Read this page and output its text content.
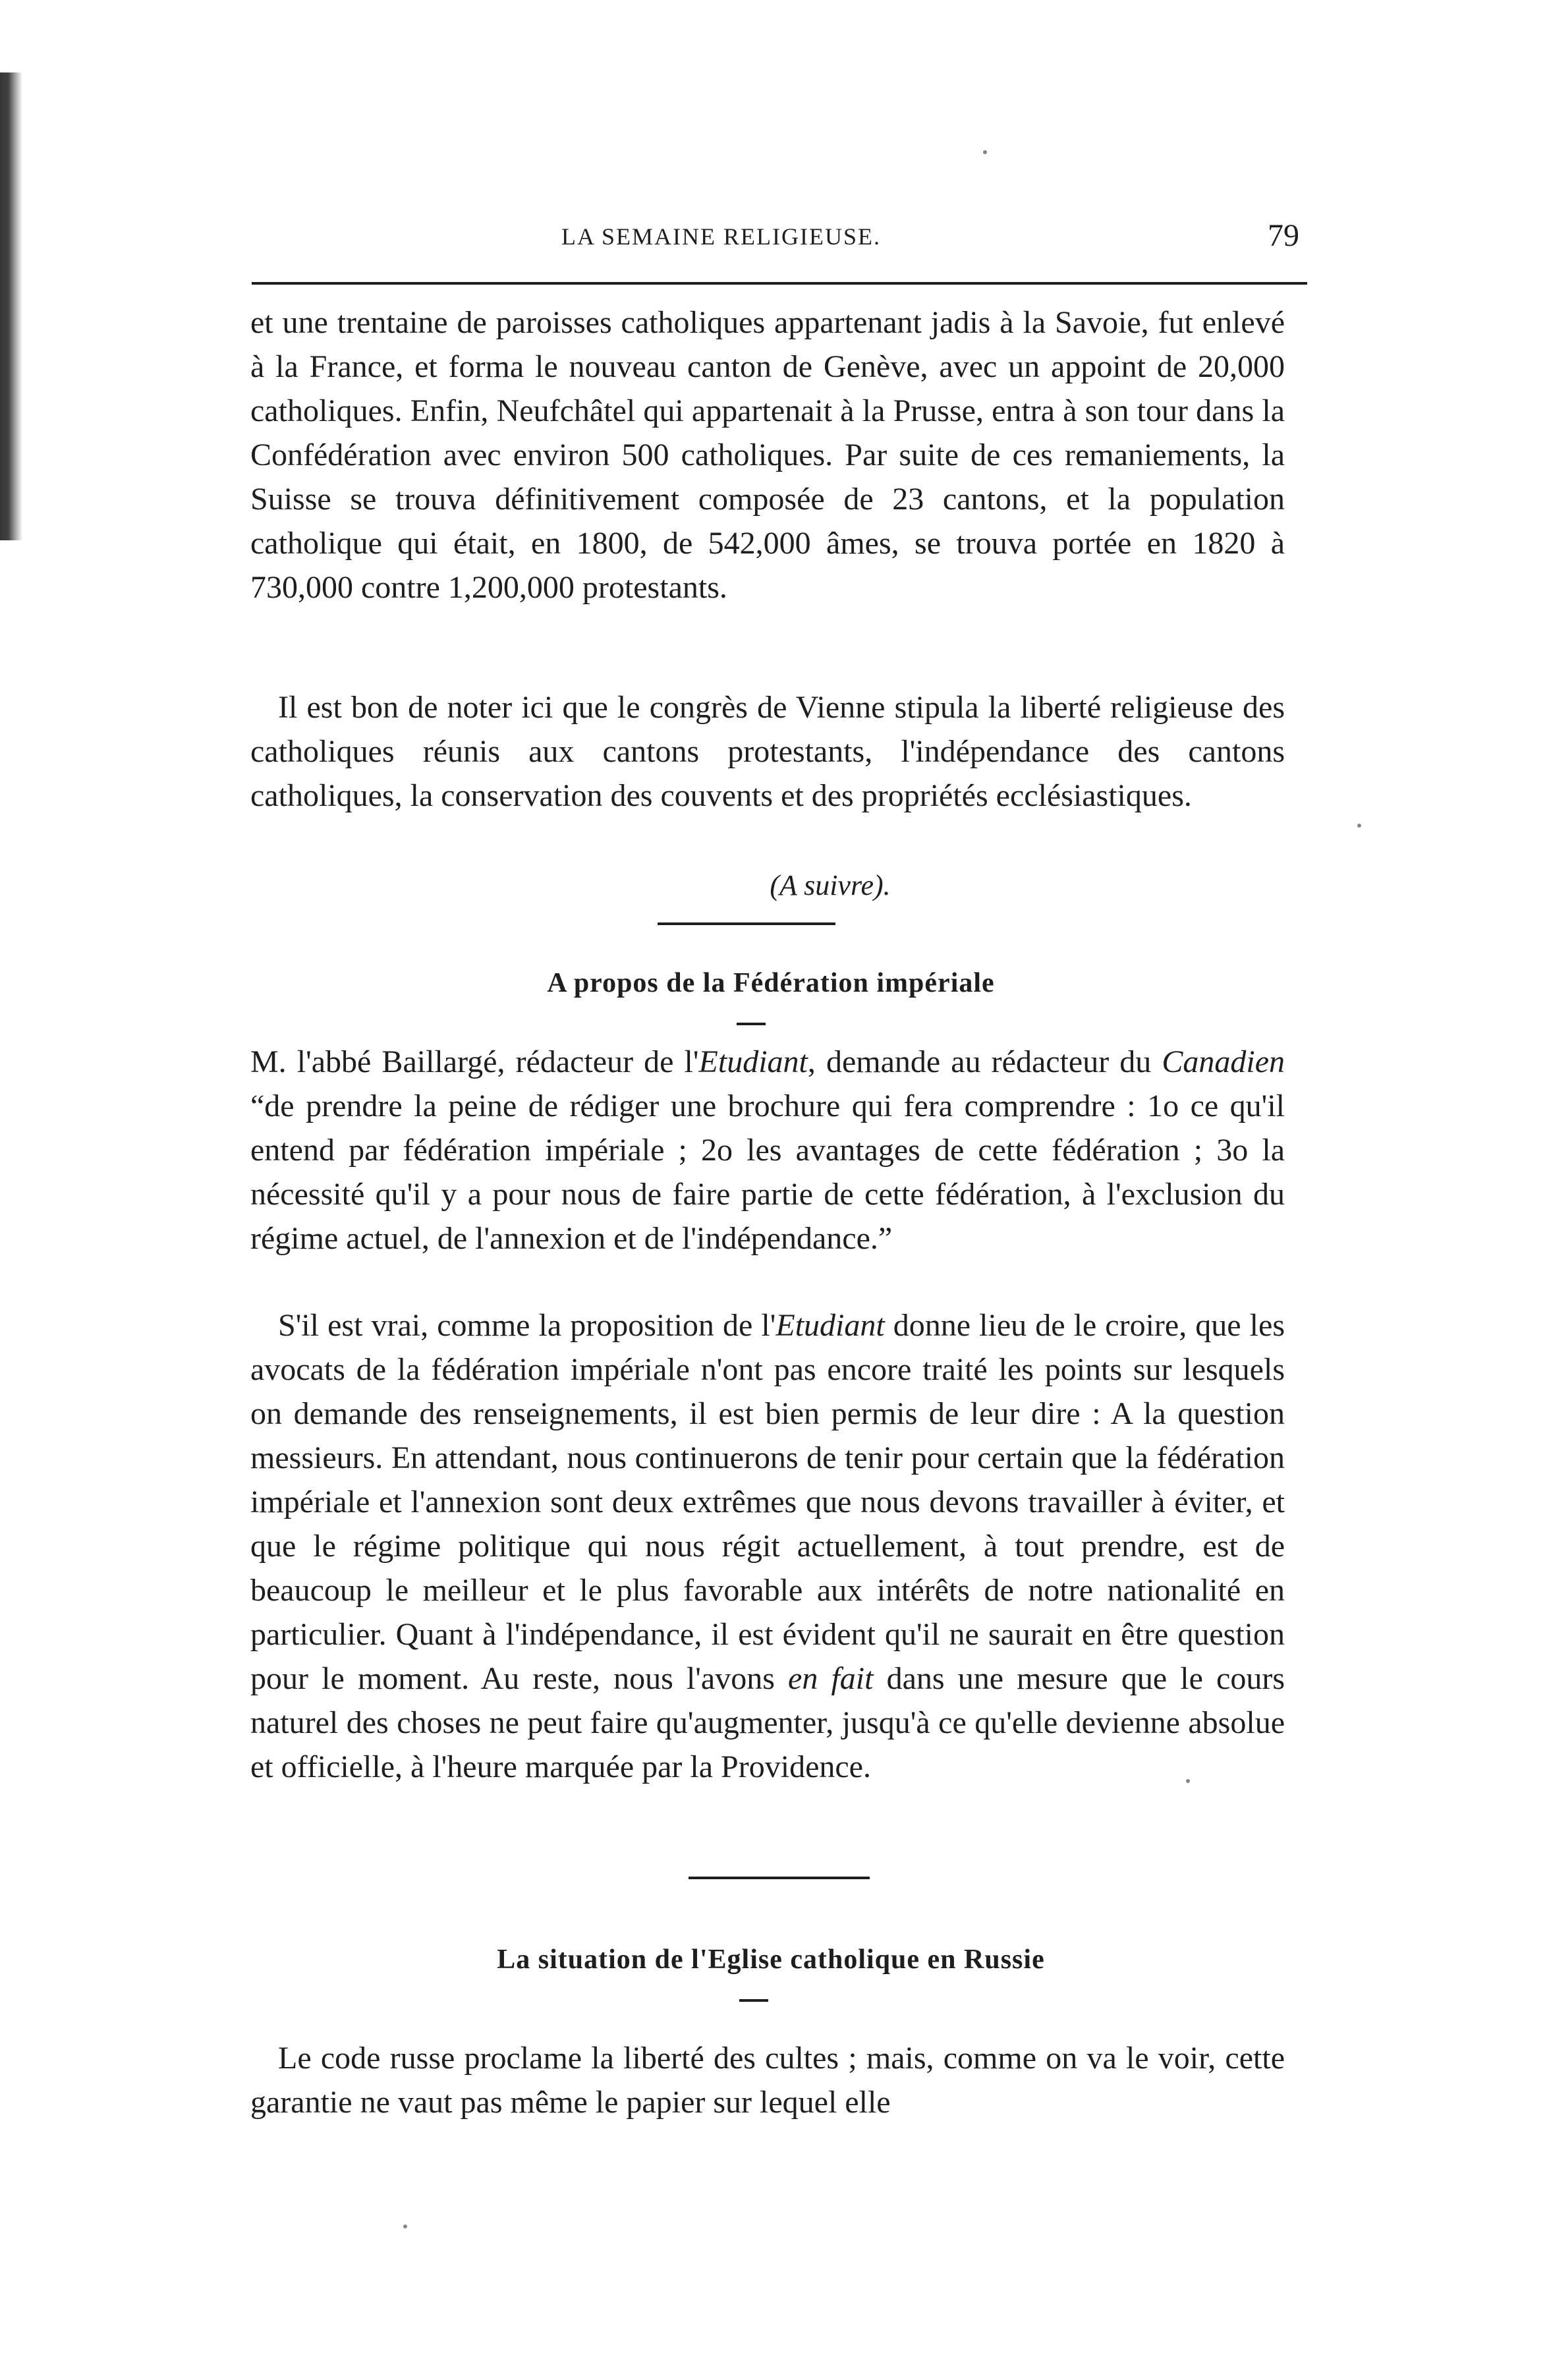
LA SEMAINE RELIGIEUSE.	79

et une trentaine de paroisses catholiques appartenant jadis à la Savoie, fut enlevé à la France, et forma le nouveau canton de Genève, avec un appoint de 20,000 catholiques. Enfin, Neufchâtel qui appartenait à la Prusse, entra à son tour dans la Confédération avec environ 500 catholiques. Par suite de ces remaniements, la Suisse se trouva définitivement composée de 23 cantons, et la population catholique qui était, en 1800, de 542,000 âmes, se trouva portée en 1820 à 730,000 contre 1,200,000 protestants.

Il est bon de noter ici que le congrès de Vienne stipula la liberté religieuse des catholiques réunis aux cantons protestants, l'indépendance des cantons catholiques, la conservation des couvents et des propriétés ecclésiastiques.

(A suivre).
A propos de la Fédération impériale

M. l'abbé Baillargé, rédacteur de l'Etudiant, demande au rédacteur du Canadien “de prendre la peine de rédiger une brochure qui fera comprendre : 1o ce qu'il entend par fédération impériale ; 2o les avantages de cette fédération ; 3o la nécessité qu'il y a pour nous de faire partie de cette fédération, à l'exclusion du régime actuel, de l'annexion et de l'indépendance.”

S'il est vrai, comme la proposition de l'Etudiant donne lieu de le croire, que les avocats de la fédération impériale n'ont pas encore traité les points sur lesquels on demande des renseignements, il est bien permis de leur dire : A la question messieurs. En attendant, nous continuerons de tenir pour certain que la fédération impériale et l'annexion sont deux extrêmes que nous devons travailler à éviter, et que le régime politique qui nous régit actuellement, à tout prendre, est de beaucoup le meilleur et le plus favorable aux intérêts de notre nationalité en particulier. Quant à l'indépendance, il est évident qu'il ne saurait en être question pour le moment. Au reste, nous l'avons en fait dans une mesure que le cours naturel des choses ne peut faire qu'augmenter, jusqu'à ce qu'elle devienne absolue et officielle, à l'heure marquée par la Providence.

La situation de l'Eglise catholique en Russie

Le code russe proclame la liberté des cultes ; mais, comme on va le voir, cette garantie ne vaut pas même le papier sur lequel elle
